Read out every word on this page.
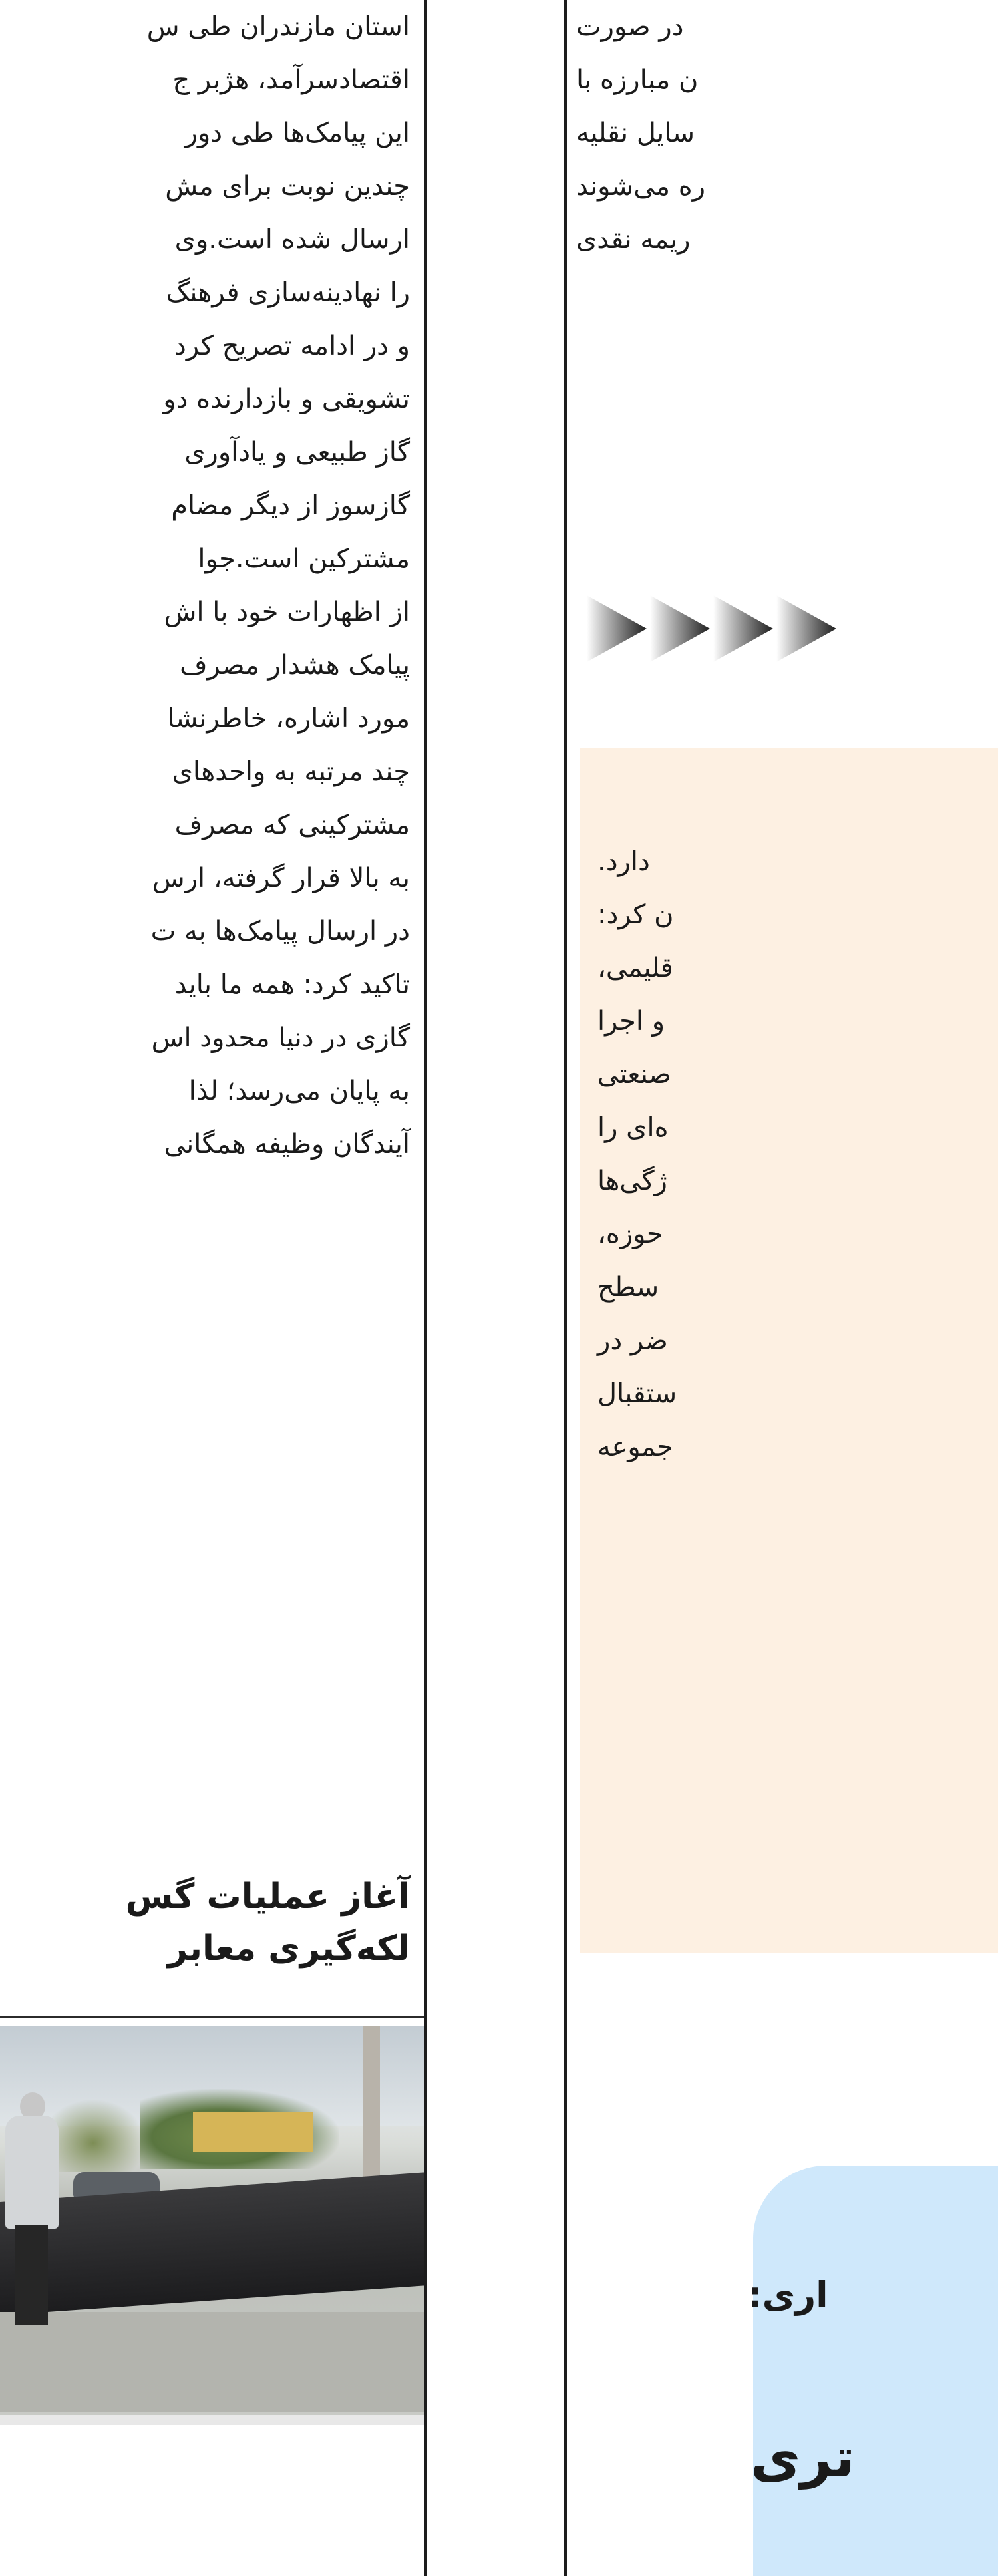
استان مازندران طی س
اقتصادسرآمد، هژبر ج
این پیامک‌ها طی دور
چندین نوبت برای مش
ارسال شده است.وی
را نهادینه‌سازی فرهنگ
و در ادامه تصریح کرد
تشویقی و بازدارنده دو
گاز طبیعی و یادآوری
گازسوز از دیگر مضام
مشترکین است.جوا
از اظهارات خود با اش
پیامک هشدار مصرف
مورد اشاره، خاطرنشا
چند مرتبه به واحدهای
مشترکینی که مصرف
به بالا قرار گرفته، ارس
در ارسال پیامک‌ها به ت
تاکید کرد: همه ما باید
گازی در دنیا محدود اس
به پایان می‌رسد؛ لذا
آیندگان وظیفه همگانی
آغاز عملیات گس
لکه‌گیری معابر
در صورت
ن مبارزه با
سایل نقلیه
ره می‌شوند
ریمه نقدی
دارد.
ن کرد:
قلیمی،
و اجرا
صنعتی
ه‌ای را
ژگی‌ها
حوزه،
سطح
ضر در
ستقبال
جموعه
اری:
تری
